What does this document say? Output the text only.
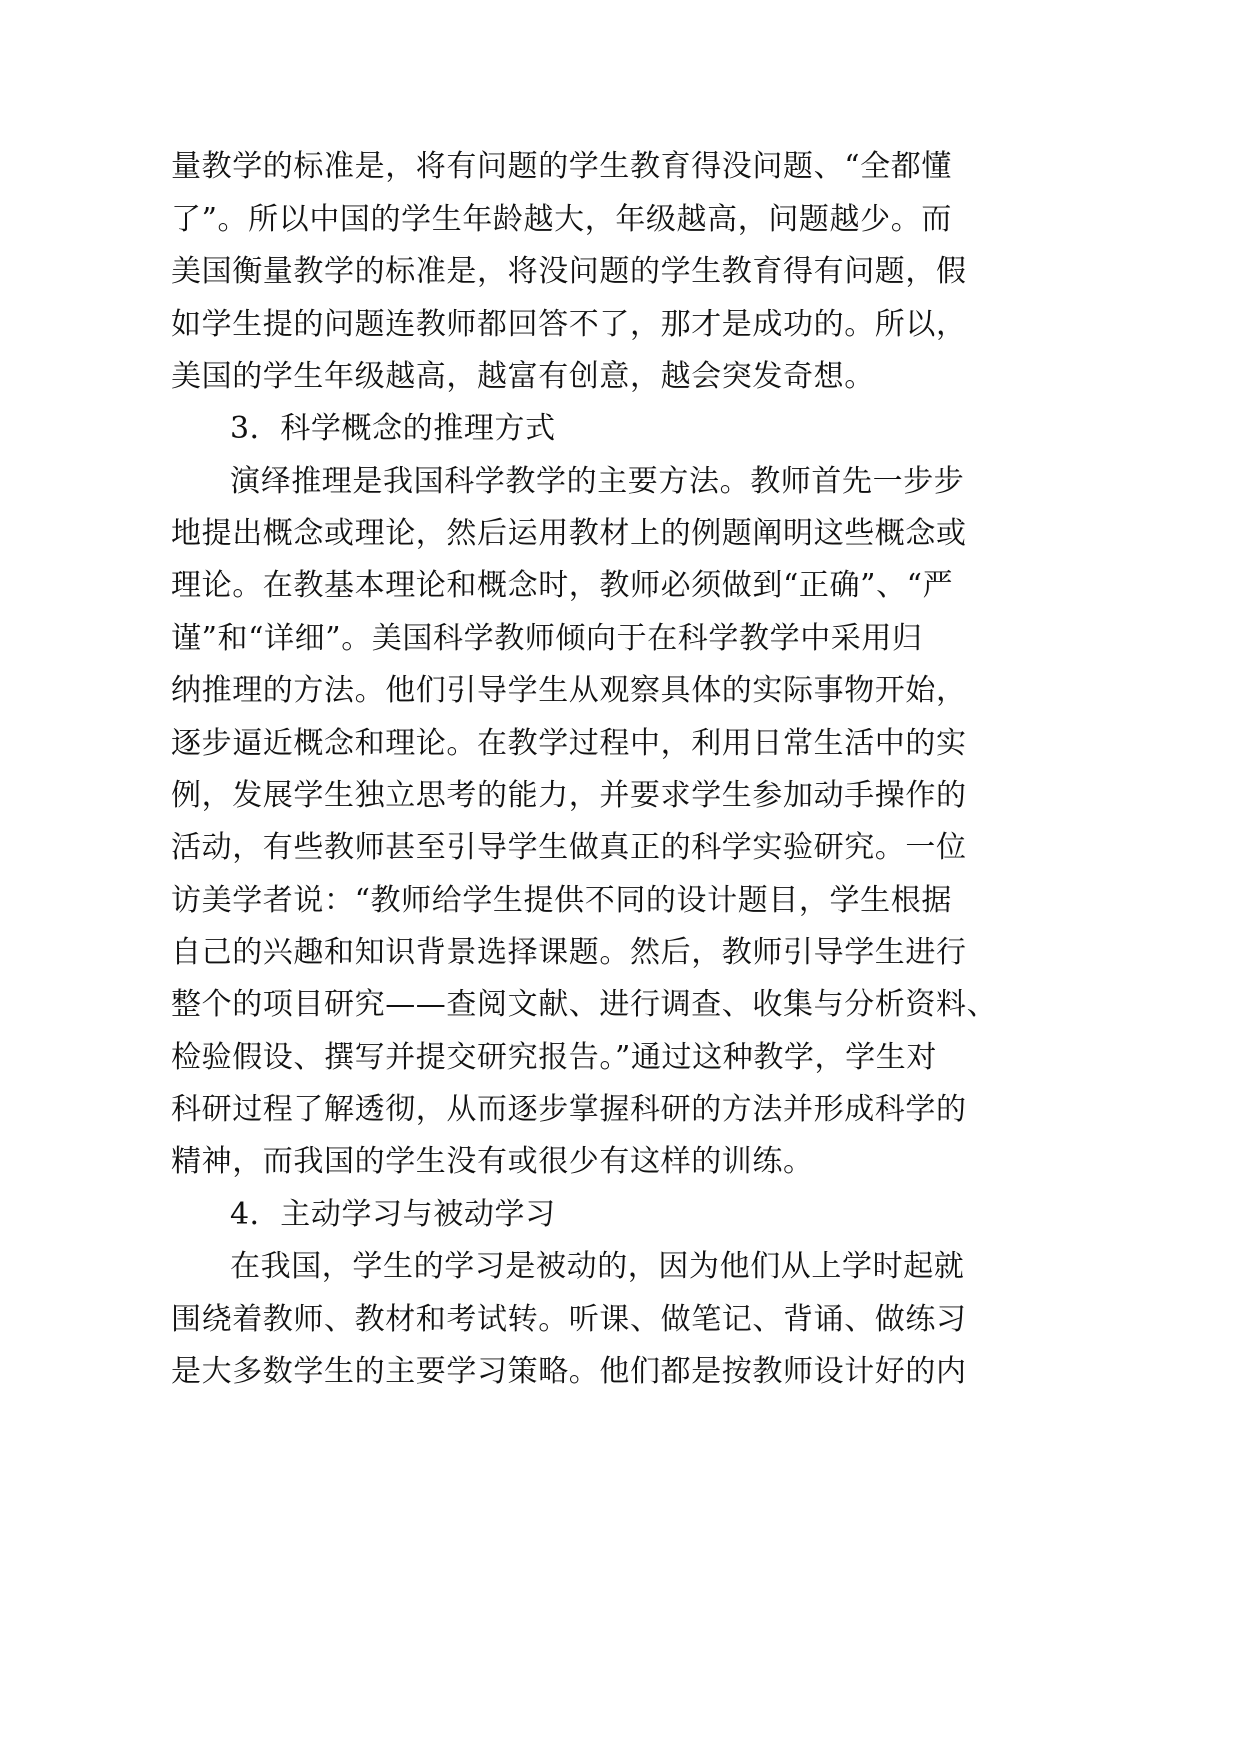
量教学的标准是，将有问题的学生教育得没问题、“全都懂
了”。所以中国的学生年龄越大，年级越高，问题越少。而
美国衡量教学的标准是，将没问题的学生教育得有问题，假
如学生提的问题连教师都回答不了，那才是成功的。所以，
美国的学生年级越高，越富有创意，越会突发奇想。
3．科学概念的推理方式
演绎推理是我国科学教学的主要方法。教师首先一步步
地提出概念或理论，然后运用教材上的例题阐明这些概念或
理论。在教基本理论和概念时，教师必须做到“正确”、“严
谨”和“详细”。美国科学教师倾向于在科学教学中采用归
纳推理的方法。他们引导学生从观察具体的实际事物开始，
逐步逼近概念和理论。在教学过程中，利用日常生活中的实
例，发展学生独立思考的能力，并要求学生参加动手操作的
活动，有些教师甚至引导学生做真正的科学实验研究。一位
访美学者说：“教师给学生提供不同的设计题目，学生根据
自己的兴趣和知识背景选择课题。然后，教师引导学生进行
整个的项目研究——查阅文献、进行调查、收集与分析资料、
检验假设、撰写并提交研究报告。”通过这种教学，学生对
科研过程了解透彻，从而逐步掌握科研的方法并形成科学的
精神，而我国的学生没有或很少有这样的训练。
4．主动学习与被动学习
在我国，学生的学习是被动的，因为他们从上学时起就
围绕着教师、教材和考试转。听课、做笔记、背诵、做练习
是大多数学生的主要学习策略。他们都是按教师设计好的内
